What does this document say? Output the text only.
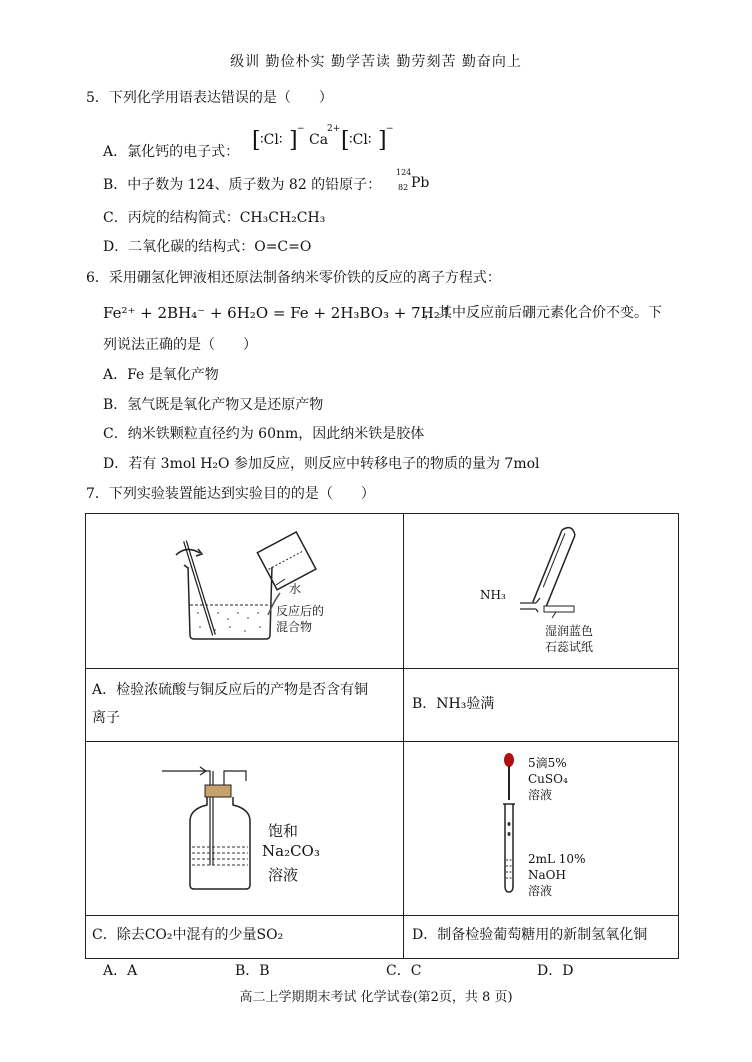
级训 勤俭朴实 勤学苦读 勤劳刻苦 勤奋向上
5．下列化学用语表达错误的是（　　）
A．氯化钙的电子式： [ ∶Cl∶ ] −
Ca
2+ [ ∶Cl∶ ] −
B．中子数为 124、质子数为 82 的铅原子：
124
82 Pb
C．丙烷的结构简式：CH₃CH₂CH₃
D．二氧化碳的结构式：O=C=O
6．采用硼氢化钾液相还原法制备纳米零价铁的反应的离子方程式：
Fe²⁺ + 2BH₄⁻ + 6H₂O = Fe + 2H₃BO₃ + 7H₂↑
，其中反应前后硼元素化合价不变。下
列说法正确的是（　　）
A．Fe 是氧化产物
B．氢气既是氧化产物又是还原产物
C．纳米铁颗粒直径约为 60nm，因此纳米铁是胶体
D．若有 3mol H₂O 参加反应，则反应中转移电子的物质的量为 7mol
7．下列实验装置能达到实验目的的是（　　）
水
反应后的
混合物
NH₃
湿润蓝色
石蕊试纸
A．检验浓硫酸与铜反应后的产物是否含有铜
离子
B．NH₃验满
饱和
Na₂CO₃
溶液
5滴5%
CuSO₄
溶液
2mL 10%
NaOH
溶液
C．除去CO₂中混有的少量SO₂	D．制备检验葡萄糖用的新制氢氧化铜
A．A	B．B	C．C	D．D
高二上学期期末考试 化学试卷(第2页，共 8 页)
